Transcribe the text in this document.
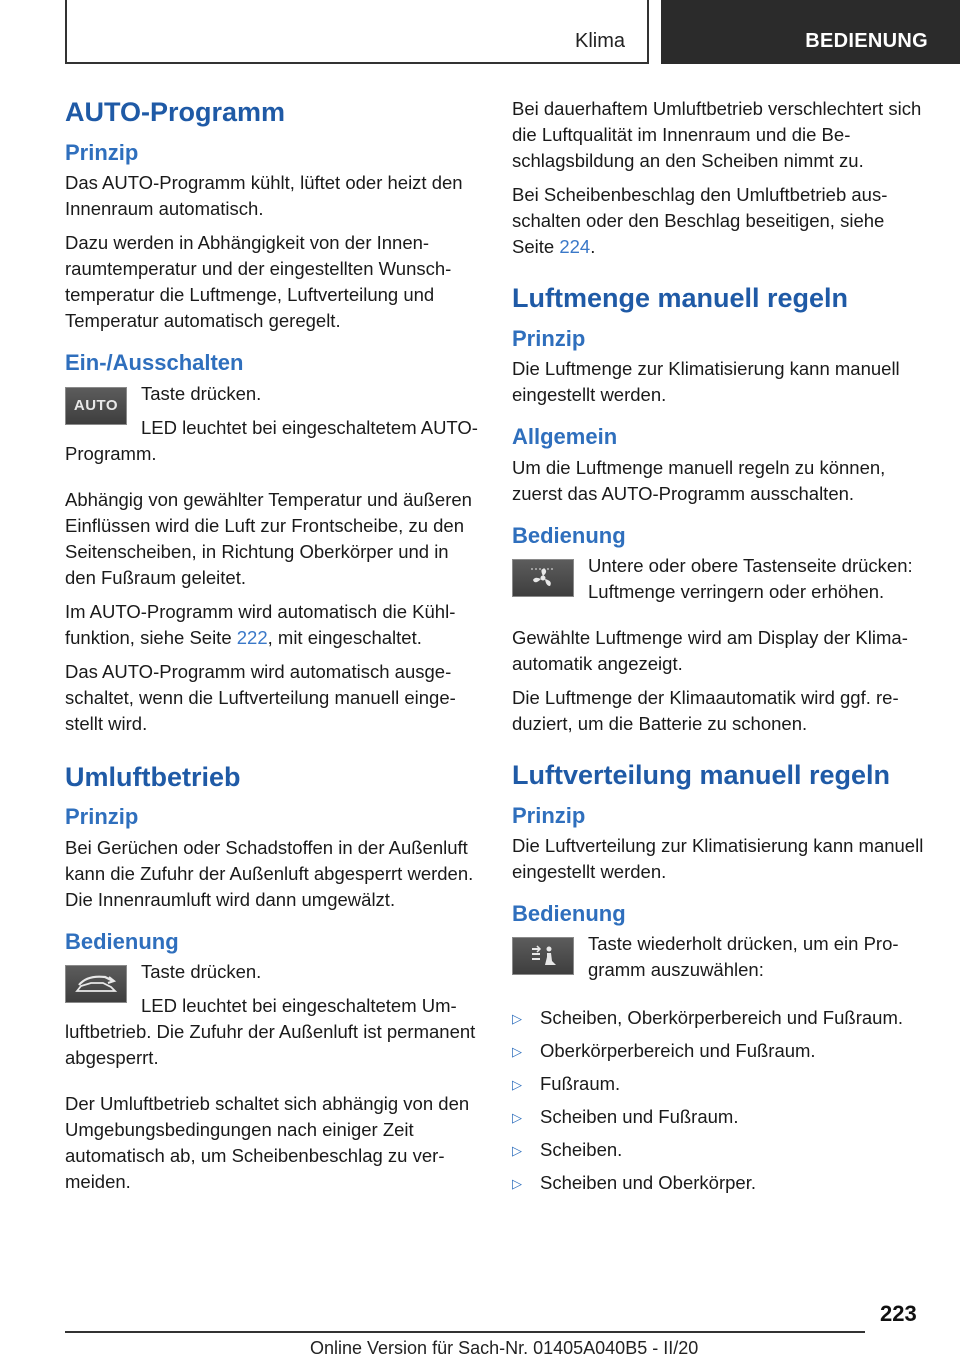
Klima	BEDIENUNG
AUTO-Programm
Prinzip

Das AUTO-Programm kühlt, lüftet oder heizt den Innenraum automatisch.

Dazu werden in Abhängigkeit von der Innenraumtemperatur und der eingestellten Wunschtemperatur die Luftmenge, Luftverteilung und Temperatur automatisch geregelt.

Ein-/Ausschalten
AUTO

Taste drücken.

LED leuchtet bei eingeschaltetem AUTO-Programm.

Abhängig von gewählter Temperatur und äußeren Einflüssen wird die Luft zur Frontscheibe, zu den Seitenscheiben, in Richtung Oberkörper und in den Fußraum geleitet.

Im AUTO-Programm wird automatisch die Kühlfunktion, siehe Seite 222, mit eingeschaltet.

Das AUTO-Programm wird automatisch ausgeschaltet, wenn die Luftverteilung manuell eingestellt wird.

Umluftbetrieb
Prinzip

Bei Gerüchen oder Schadstoffen in der Außenluft kann die Zufuhr der Außenluft abgesperrt werden. Die Innenraumluft wird dann umgewälzt.

Bedienung

Taste drücken.

LED leuchtet bei eingeschaltetem Umluftbetrieb. Die Zufuhr der Außenluft ist permanent abgesperrt.

Der Umluftbetrieb schaltet sich abhängig von den Umgebungsbedingungen nach einiger Zeit automatisch ab, um Scheibenbeschlag zu vermeiden.

Bei dauerhaftem Umluftbetrieb verschlechtert sich die Luftqualität im Innenraum und die Beschlagsbildung an den Scheiben nimmt zu.

Bei Scheibenbeschlag den Umluftbetrieb ausschalten oder den Beschlag beseitigen, siehe Seite 224.

Luftmenge manuell regeln
Prinzip

Die Luftmenge zur Klimatisierung kann manuell eingestellt werden.

Allgemein

Um die Luftmenge manuell regeln zu können, zuerst das AUTO-Programm ausschalten.

Bedienung

Untere oder obere Tastenseite drücken: Luftmenge verringern oder erhöhen.

Gewählte Luftmenge wird am Display der Klimaautomatik angezeigt.

Die Luftmenge der Klimaautomatik wird ggf. reduziert, um die Batterie zu schonen.

Luftverteilung manuell regeln
Prinzip

Die Luftverteilung zur Klimatisierung kann manuell eingestellt werden.

Bedienung

Taste wiederholt drücken, um ein Programm auszuwählen:

▷ Scheiben, Oberkörperbereich und Fußraum.
▷ Oberkörperbereich und Fußraum.
▷ Fußraum.
▷ Scheiben und Fußraum.
▷ Scheiben.
▷ Scheiben und Oberkörper.
223
Online Version für Sach-Nr. 01405A040B5 - II/20
